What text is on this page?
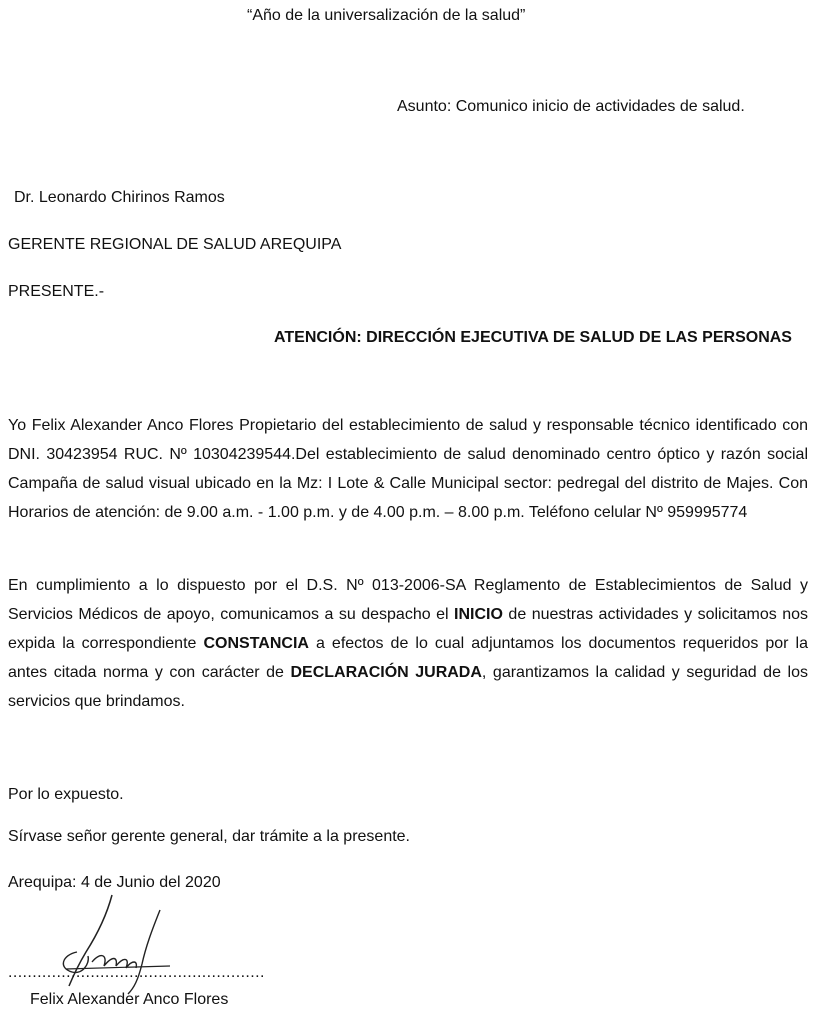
“Año de la universalización de la salud”
Asunto: Comunico inicio de actividades de salud.
Dr. Leonardo Chirinos Ramos
GERENTE REGIONAL DE SALUD AREQUIPA
PRESENTE.-
ATENCIÓN: DIRECCIÓN EJECUTIVA DE SALUD DE LAS PERSONAS
Yo Felix Alexander Anco Flores Propietario del establecimiento de salud y responsable técnico identificado con DNI. 30423954 RUC. Nº 10304239544.Del establecimiento de salud denominado centro óptico y razón social Campaña de salud visual ubicado en la Mz: I Lote & Calle Municipal sector: pedregal del distrito de Majes. Con Horarios de atención: de 9.00 a.m. - 1.00 p.m. y de 4.00 p.m. – 8.00 p.m. Teléfono celular Nº 959995774
En cumplimiento a lo dispuesto por el D.S. Nº 013-2006-SA Reglamento de Establecimientos de Salud y Servicios Médicos de apoyo, comunicamos a su despacho el INICIO de nuestras actividades y solicitamos nos expida la correspondiente CONSTANCIA a efectos de lo cual adjuntamos los documentos requeridos por la antes citada norma y con carácter de DECLARACIÓN JURADA, garantizamos la calidad y seguridad de los servicios que brindamos.
Por lo expuesto.
Sírvase señor gerente general, dar trámite a la presente.
Arequipa: 4 de Junio del 2020
.....................................................
Felix Alexander Anco Flores
